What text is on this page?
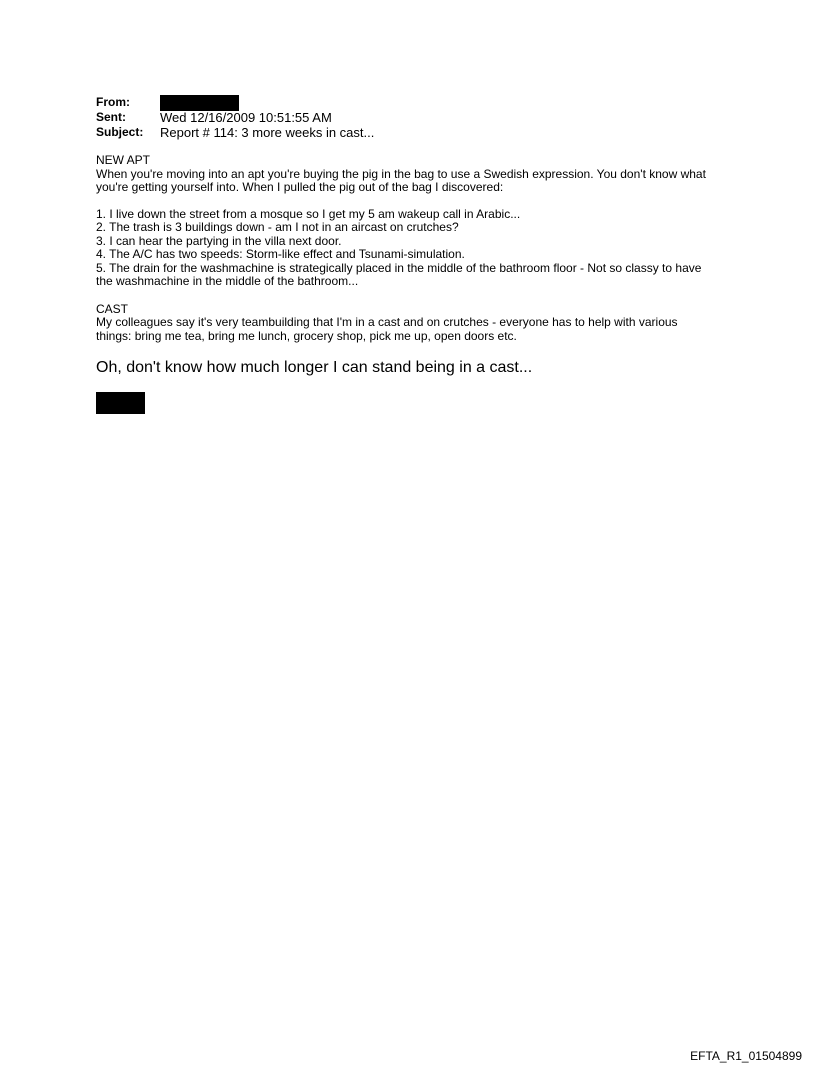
From:
Sent:	Wed 12/16/2009 10:51:55 AM
Subject:	Report # 114: 3 more weeks in cast...
NEW APT
When you're moving into an apt you're buying the pig in the bag to use a Swedish expression. You don't know what you're getting yourself into. When I pulled the pig out of the bag I discovered:
1. I live down the street from a mosque so I get my 5 am wakeup call in Arabic...
2. The trash is 3 buildings down - am I not in an aircast on crutches?
3. I can hear the partying in the villa next door.
4. The A/C has two speeds: Storm-like effect and Tsunami-simulation.
5. The drain for the washmachine is strategically placed in the middle of the bathroom floor - Not so classy to have the washmachine in the middle of the bathroom...
CAST
My colleagues say it's very teambuilding that I'm in a cast and on crutches - everyone has to help with various things: bring me tea, bring me lunch, grocery shop, pick me up, open doors etc.
Oh, don't know how much longer I can stand being in a cast...
EFTA_R1_01504899
